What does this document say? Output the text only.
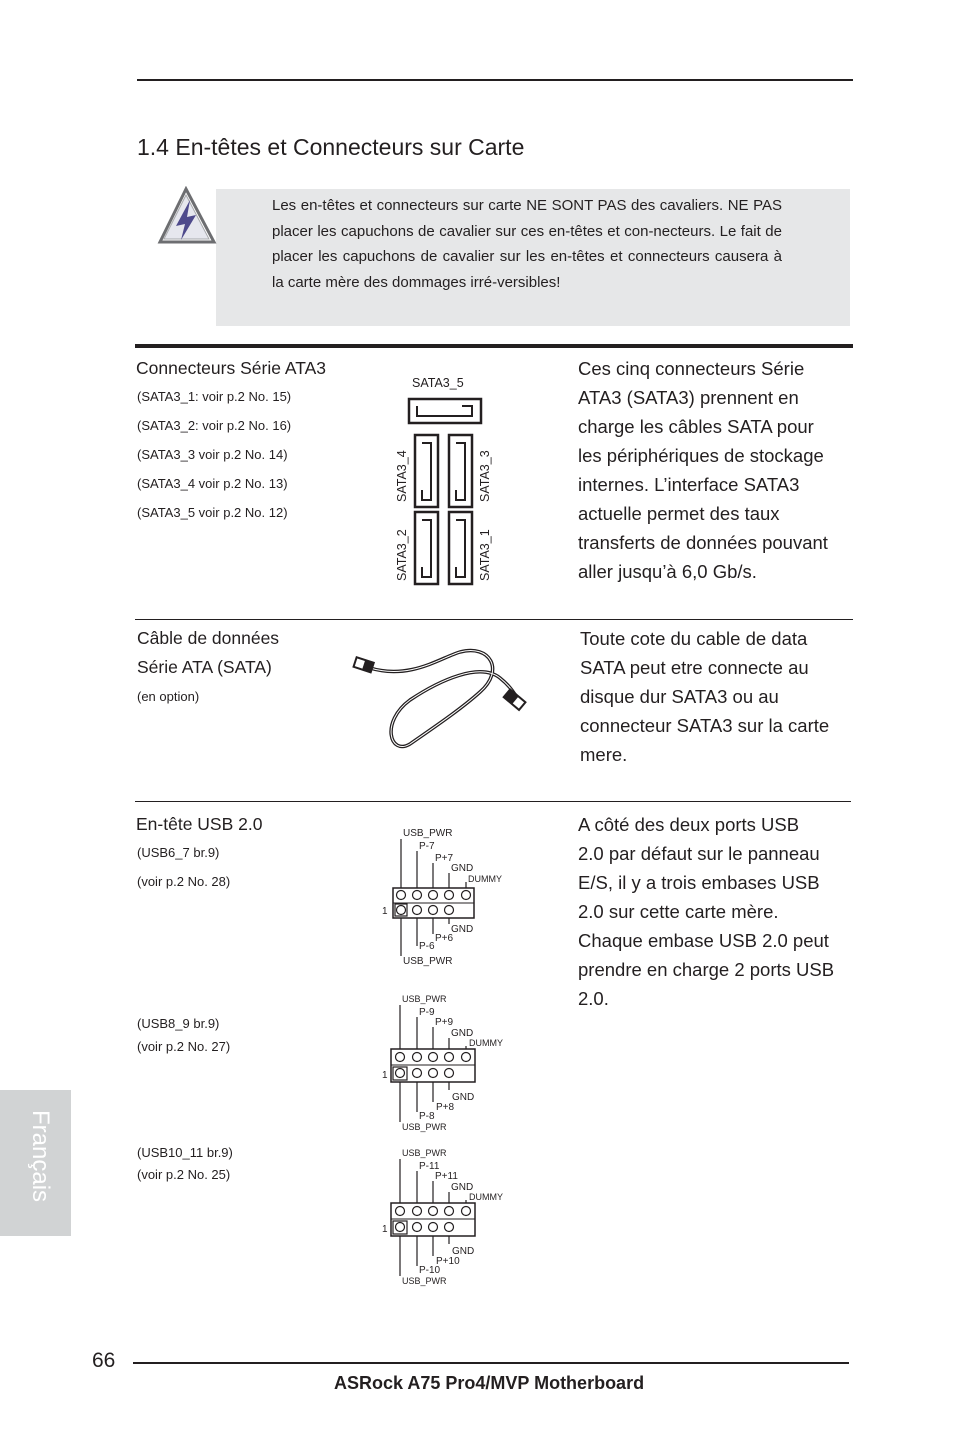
1.4 En-têtes et Connecteurs sur Carte
Les en-têtes et connecteurs sur carte NE SONT PAS des cavaliers. NE PAS placer les capuchons de cavalier sur ces en-têtes et con-necteurs. Le fait de placer les capuchons de cavalier sur les en-têtes et connecteurs causera à la carte mère des dommages irré-versibles!
Connecteurs Série ATA3
(SATA3_1: voir p.2 No. 15)
(SATA3_2: voir p.2 No. 16)
(SATA3_3 voir p.2 No. 14)
(SATA3_4 voir p.2 No. 13)
(SATA3_5 voir p.2 No. 12)
SATA3_5
SATA3_4	SATA3_3
SATA3_2	SATA3_1
Ces cinq connecteurs Série
ATA3 (SATA3) prennent en
charge les câbles SATA pour
les périphériques de stockage
internes. L’interface SATA3
actuelle permet des taux
transferts de données pouvant
aller jusqu’à 6,0 Gb/s.
Câble de données
Série ATA (SATA)
(en option)
Toute cote du cable de data
SATA peut etre connecte au
disque dur SATA3 ou au
connecteur SATA3 sur la carte
mere.
En-tête USB 2.0
(USB6_7 br.9)
(voir p.2 No. 28)
(USB8_9 br.9)
(voir p.2 No. 27)
(USB10_11 br.9)
(voir p.2 No. 25)
USB_PWR
P-7
P+7
GND
DUMMY
1
GND
P+6
P-6
USB_PWR
USB_PWR
P-9
P+9
GND
DUMMY
1
GND
P+8
P-8
USB_PWR
USB_PWR
P-11
P+11
GND
DUMMY
1
GND
P+10
P-10
USB_PWR
A côté des deux ports USB
2.0 par défaut sur le panneau
E/S, il y a trois embases USB
2.0 sur cette carte mère.
Chaque embase USB 2.0 peut
prendre en charge 2 ports USB
2.0.
Français
66
ASRock A75 Pro4/MVP Motherboard
